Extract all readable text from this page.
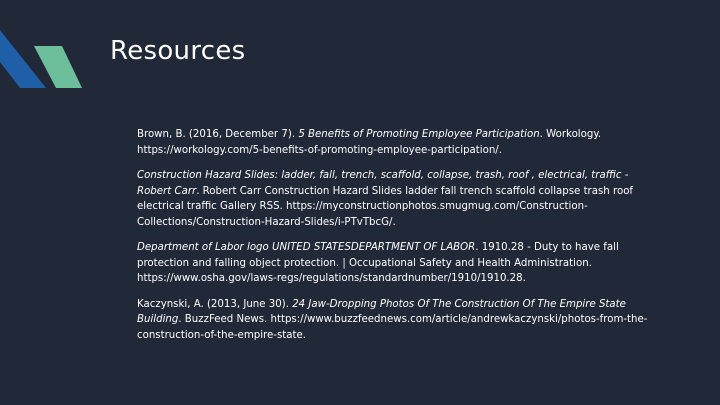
Resources

Brown, B. (2016, December 7). 5 Benefits of Promoting Employee Participation. Workology. https://workology.com/5-benefits-of-promoting-employee-participation/.

Construction Hazard Slides: ladder, fall, trench, scaffold, collapse, trash, roof , electrical, traffic - Robert Carr. Robert Carr Construction Hazard Slides ladder fall trench scaffold collapse trash roof electrical traffic Gallery RSS. https://myconstructionphotos.smugmug.com/Construction-Collections/Construction-Hazard-Slides/i-PTvTbcG/.

Department of Labor logo UNITED STATESDEPARTMENT OF LABOR. 1910.28 - Duty to have fall protection and falling object protection. | Occupational Safety and Health Administration. https://www.osha.gov/laws-regs/regulations/standardnumber/1910/1910.28.

Kaczynski, A. (2013, June 30). 24 Jaw-Dropping Photos Of The Construction Of The Empire State Building. BuzzFeed News. https://www.buzzfeednews.com/article/andrewkaczynski/photos-from-the-construction-of-the-empire-state.
